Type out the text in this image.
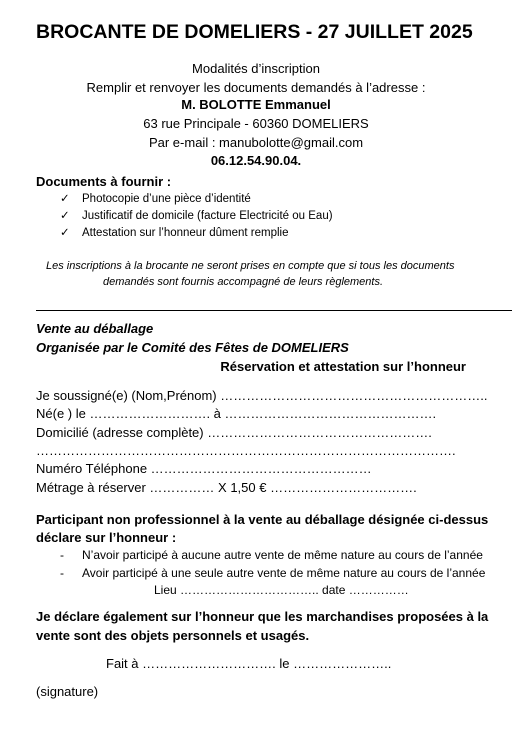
BROCANTE DE DOMELIERS - 27 JUILLET 2025
Modalités d’inscription
Remplir et renvoyer les documents demandés à l’adresse :
M. BOLOTTE Emmanuel
63 rue Principale - 60360 DOMELIERS
Par e-mail : manubolotte@gmail.com
06.12.54.90.04.
Documents à fournir :
✓ Photocopie d’une pièce d’identité
✓ Justificatif de domicile (facture Electricité ou Eau)
✓ Attestation sur l’honneur dûment remplie
Les inscriptions à la brocante ne seront prises en compte que si tous les documents
demandés sont fournis accompagné de leurs règlements.
Vente au déballage
Organisée par le Comité des Fêtes de DOMELIERS
Réservation et attestation sur l’honneur
Je soussigné(e) (Nom,Prénom) ……………………………………………………..
Né(e ) le ………………………. à ………………………………………….
Domicilié (adresse complète) …………………………………………….
…………………………………………………………………………………….
Numéro Téléphone ……………………………………………
Métrage à réserver …………… X 1,50 € …………………………….
Participant non professionnel à la vente au déballage désignée ci-dessus
déclare sur l’honneur :
- N’avoir participé à aucune autre vente de même nature au cours de l’année
- Avoir participé à une seule autre vente de même nature au cours de l’année
Lieu …………………………….. date ……………
Je déclare également sur l’honneur que les marchandises proposées à la
vente sont des objets personnels et usagés.
Fait à …………………………. le …………………..
(signature)
